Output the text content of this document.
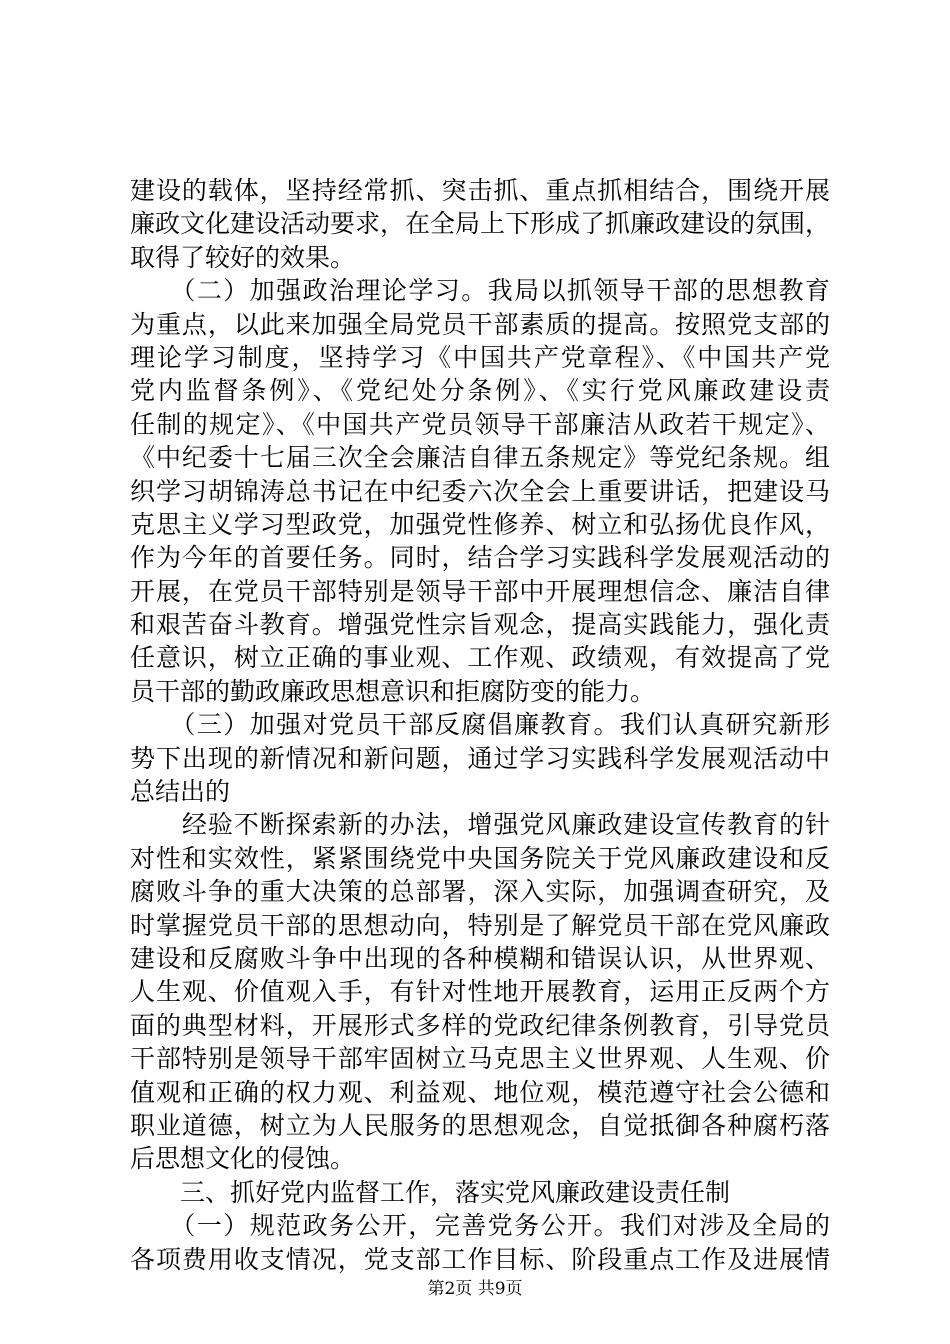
建设的载体，坚持经常抓、突击抓、重点抓相结合，围绕开展
廉政文化建设活动要求，在全局上下形成了抓廉政建设的氛围，
取得了较好的效果。
　　（二）加强政治理论学习。我局以抓领导干部的思想教育
为重点，以此来加强全局党员干部素质的提高。按照党支部的
理论学习制度，坚持学习《中国共产党章程》、《中国共产党
党内监督条例》、《党纪处分条例》、《实行党风廉政建设责
任制的规定》、《中国共产党员领导干部廉洁从政若干规定》、
《中纪委十七届三次全会廉洁自律五条规定》等党纪条规。组
织学习胡锦涛总书记在中纪委六次全会上重要讲话，把建设马
克思主义学习型政党，加强党性修养、树立和弘扬优良作风，
作为今年的首要任务。同时，结合学习实践科学发展观活动的
开展，在党员干部特别是领导干部中开展理想信念、廉洁自律
和艰苦奋斗教育。增强党性宗旨观念，提高实践能力，强化责
任意识，树立正确的事业观、工作观、政绩观，有效提高了党
员干部的勤政廉政思想意识和拒腐防变的能力。
　　（三）加强对党员干部反腐倡廉教育。我们认真研究新形
势下出现的新情况和新问题，通过学习实践科学发展观活动中
总结出的
　　经验不断探索新的办法，增强党风廉政建设宣传教育的针
对性和实效性，紧紧围绕党中央国务院关于党风廉政建设和反
腐败斗争的重大决策的总部署，深入实际，加强调查研究，及
时掌握党员干部的思想动向，特别是了解党员干部在党风廉政
建设和反腐败斗争中出现的各种模糊和错误认识，从世界观、
人生观、价值观入手，有针对性地开展教育，运用正反两个方
面的典型材料，开展形式多样的党政纪律条例教育，引导党员
干部特别是领导干部牢固树立马克思主义世界观、人生观、价
值观和正确的权力观、利益观、地位观，模范遵守社会公德和
职业道德，树立为人民服务的思想观念，自觉抵御各种腐朽落
后思想文化的侵蚀。
　　三、抓好党内监督工作，落实党风廉政建设责任制
　　（一）规范政务公开，完善党务公开。我们对涉及全局的
各项费用收支情况，党支部工作目标、阶段重点工作及进展情
第2页 共9页
